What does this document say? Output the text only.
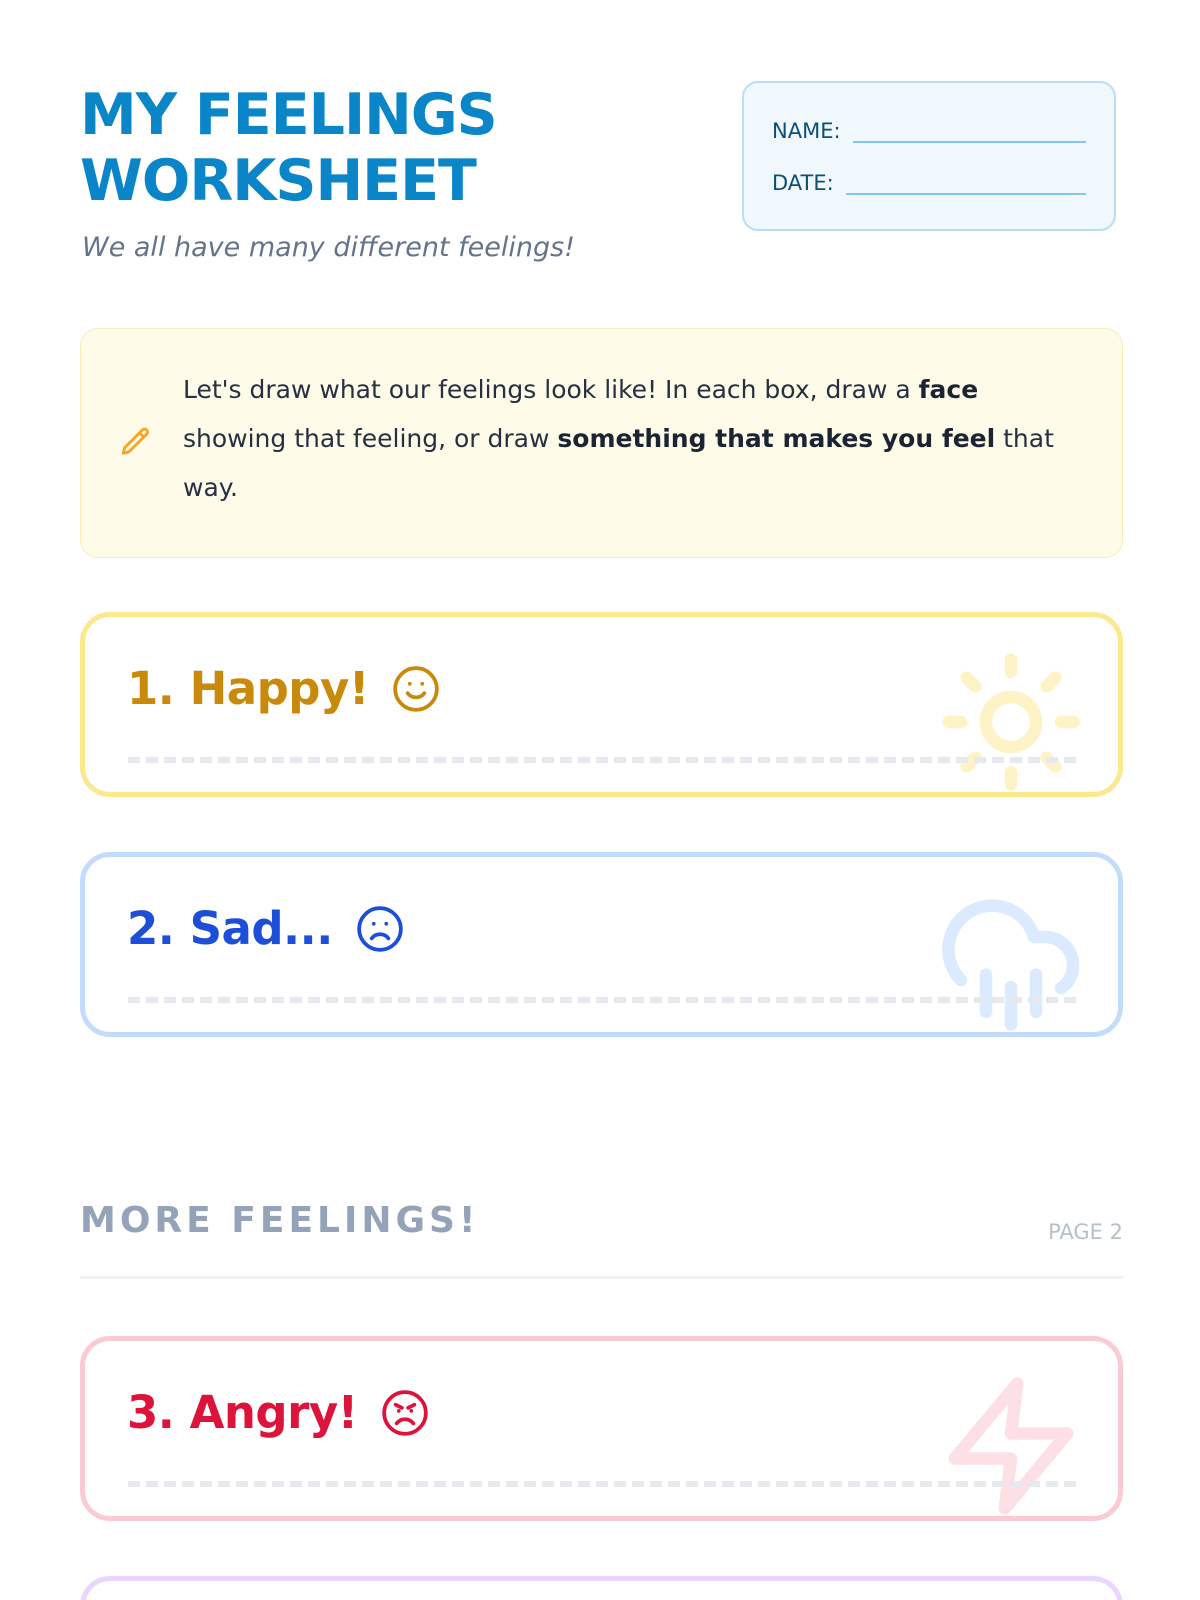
MY FEELINGS
WORKSHEET
We all have many different feelings!
NAME:
DATE:
Let's draw what our feelings look like! In each box, draw a face showing that feeling, or draw something that makes you feel that way.
1. Happy!
2. Sad...
MORE FEELINGS!	PAGE 2
3. Angry!
